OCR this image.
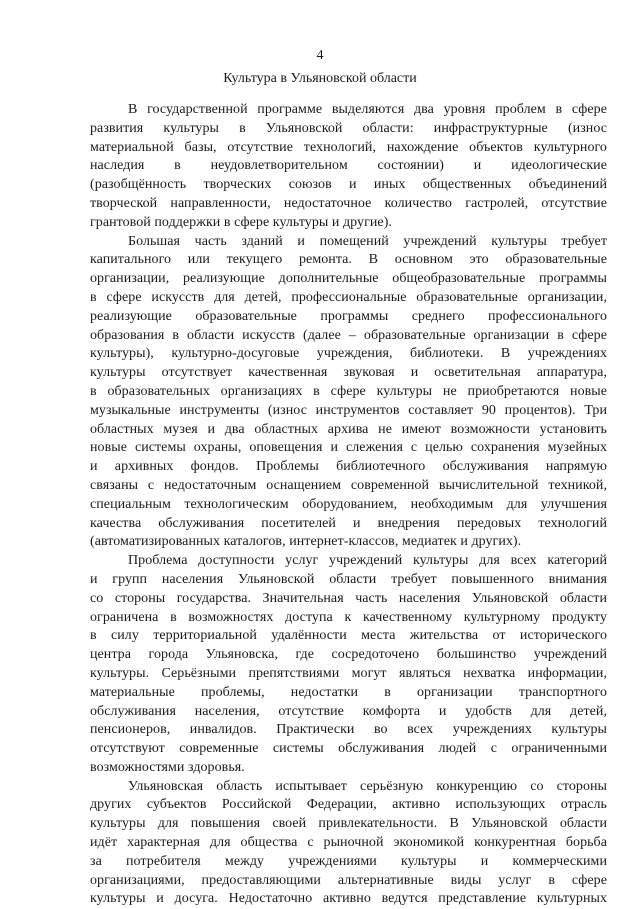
4
Культура в Ульяновской области

В государственной программе выделяются два уровня проблем в сфере

развития культуры в Ульяновской области: инфраструктурные (износ

материальной базы, отсутствие технологий, нахождение объектов культурного

наследия в неудовлетворительном состоянии) и идеологические

(разобщённость творческих союзов и иных общественных объединений

творческой направленности, недостаточное количество гастролей, отсутствие

грантовой поддержки в сфере культуры и другие).

Большая часть зданий и помещений учреждений культуры требует

капитального или текущего ремонта. В основном это образовательные

организации, реализующие дополнительные общеобразовательные программы

в сфере искусств для детей, профессиональные образовательные организации,

реализующие образовательные программы среднего профессионального

образования в области искусств (далее – образовательные организации в сфере

культуры), культурно-досуговые учреждения, библиотеки. В учреждениях

культуры отсутствует качественная звуковая и осветительная аппаратура,

в образовательных организациях в сфере культуры не приобретаются новые

музыкальные инструменты (износ инструментов составляет 90 процентов). Три

областных музея и два областных архива не имеют возможности установить

новые системы охраны, оповещения и слежения с целью сохранения музейных

и архивных фондов. Проблемы библиотечного обслуживания напрямую

связаны с недостаточным оснащением современной вычислительной техникой,

специальным технологическим оборудованием, необходимым для улучшения

качества обслуживания посетителей и внедрения передовых технологий

(автоматизированных каталогов, интернет-классов, медиатек и других).

Проблема доступности услуг учреждений культуры для всех категорий

и групп населения Ульяновской области требует повышенного внимания

со стороны государства. Значительная часть населения Ульяновской области

ограничена в возможностях доступа к качественному культурному продукту

в силу территориальной удалённости места жительства от исторического

центра города Ульяновска, где сосредоточено большинство учреждений

культуры. Серьёзными препятствиями могут являться нехватка информации,

материальные проблемы, недостатки в организации транспортного

обслуживания населения, отсутствие комфорта и удобств для детей,

пенсионеров, инвалидов. Практически во всех учреждениях культуры

отсутствуют современные системы обслуживания людей с ограниченными

возможностями здоровья.

Ульяновская область испытывает серьёзную конкуренцию со стороны

других субъектов Российской Федерации, активно использующих отрасль

культуры для повышения своей привлекательности. В Ульяновской области

идёт характерная для общества с рыночной экономикой конкурентная борьба

за потребителя между учреждениями культуры и коммерческими

организациями, предоставляющими альтернативные виды услуг в сфере

культуры и досуга. Недостаточно активно ведутся представление культурных
